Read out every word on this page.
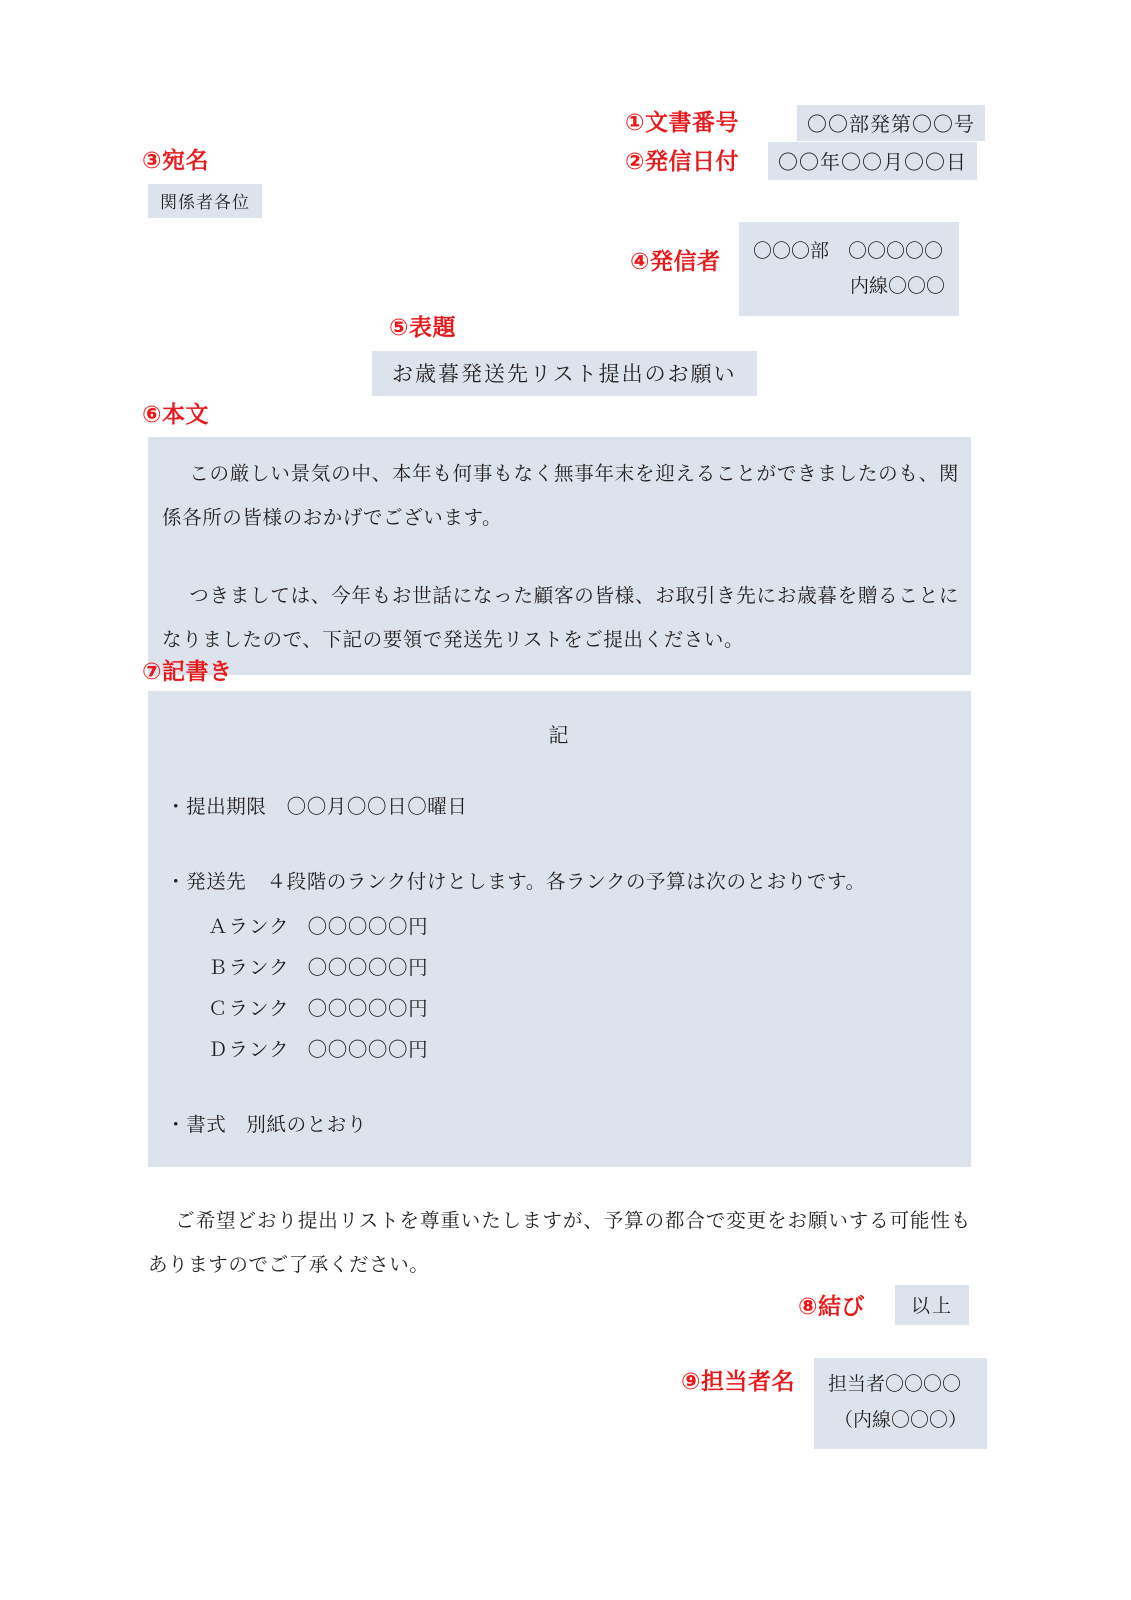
①文書番号	〇〇部発第〇〇号
②発信日付	〇〇年〇〇月〇〇日
③宛名
関係者各位
④発信者 〇〇〇部　〇〇〇〇〇
内線〇〇〇
⑤表題
お歳暮発送先リスト提出のお願い
⑥本文

この厳しい景気の中、本年も何事もなく無事年末を迎えることができましたのも、関係各所の皆様のおかげでございます。

つきましては、今年もお世話になった顧客の皆様、お取引き先にお歳暮を贈ることになりましたので、下記の要領で発送先リストをご提出ください。

⑦記書き
記

・提出期限　〇〇月〇〇日〇曜日

・発送先　４段階のランク付けとします。各ランクの予算は次のとおりです。

Ａランク 〇〇〇〇〇円

Ｂランク 〇〇〇〇〇円

Ｃランク 〇〇〇〇〇円

Ｄランク 〇〇〇〇〇円

・書式　別紙のとおり

ご希望どおり提出リストを尊重いたしますが、予算の都合で変更をお願いする可能性もありますのでご了承ください。

⑧結び	以上
⑨担当者名 担当者〇〇〇〇
（内線〇〇〇）
